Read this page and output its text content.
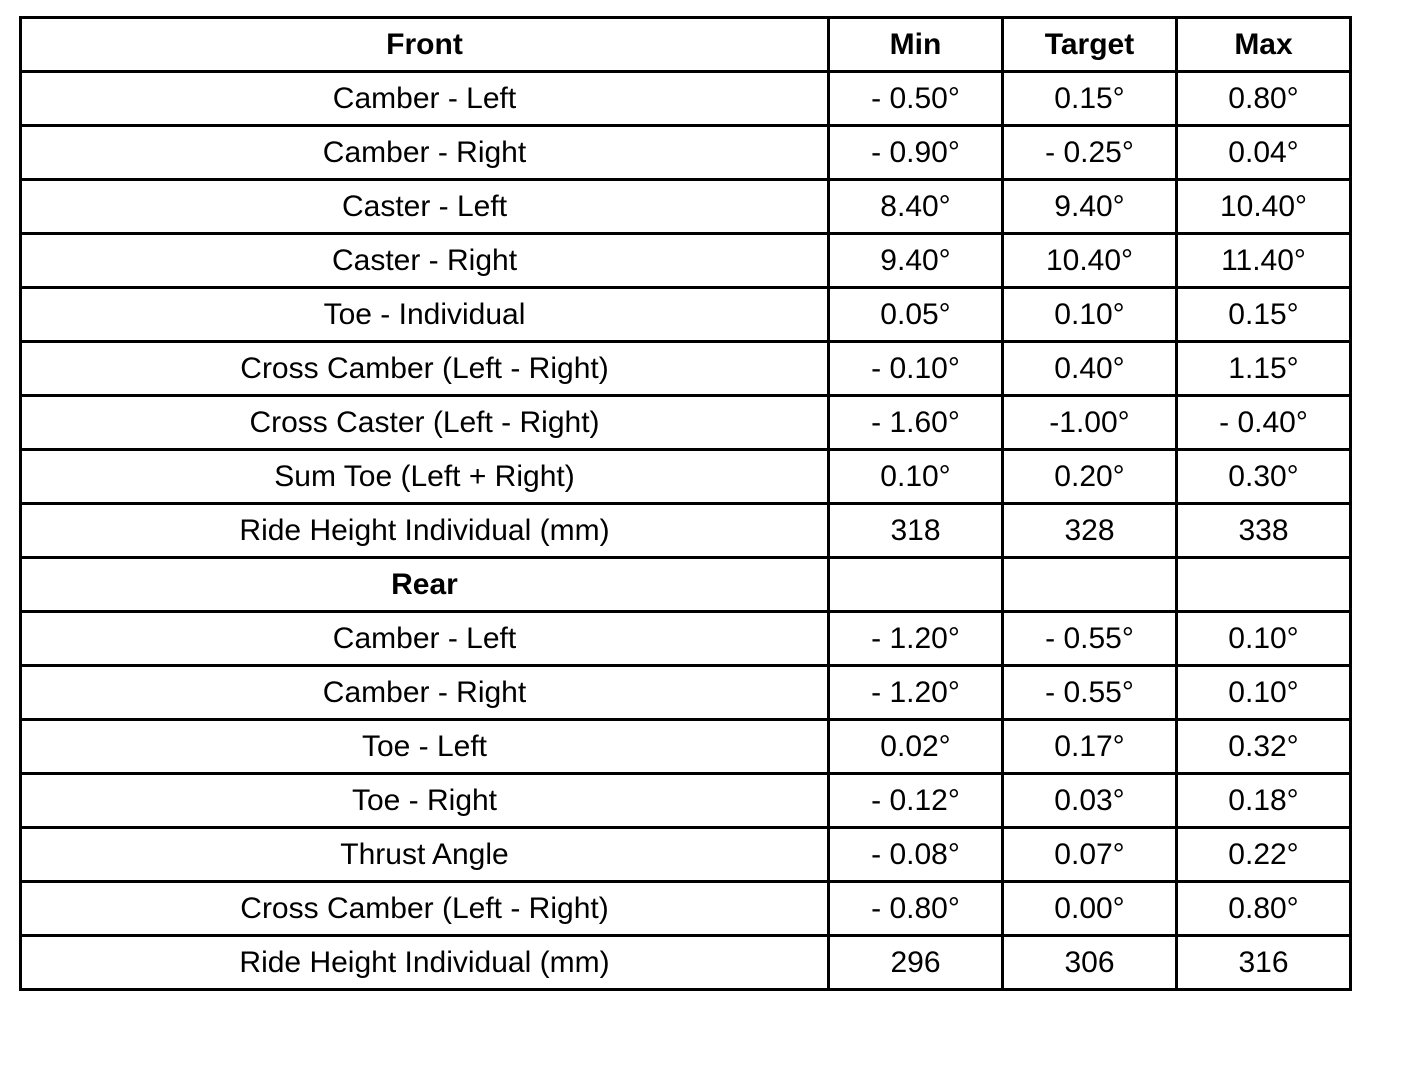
Front	Min	Target	Max
Camber - Left	- 0.50°	0.15°	0.80°
Camber - Right	- 0.90°	- 0.25°	0.04°
Caster - Left	8.40°	9.40°	10.40°
Caster - Right	9.40°	10.40°	11.40°
Toe - Individual	0.05°	0.10°	0.15°
Cross Camber (Left - Right)	- 0.10°	0.40°	1.15°
Cross Caster (Left - Right)	- 1.60°	-1.00°	- 0.40°
Sum Toe (Left + Right)	0.10°	0.20°	0.30°
Ride Height Individual (mm)	318	328	338
Rear			
Camber - Left	- 1.20°	- 0.55°	0.10°
Camber - Right	- 1.20°	- 0.55°	0.10°
Toe - Left	0.02°	0.17°	0.32°
Toe - Right	- 0.12°	0.03°	0.18°
Thrust Angle	- 0.08°	0.07°	0.22°
Cross Camber (Left - Right)	- 0.80°	0.00°	0.80°
Ride Height Individual (mm)	296	306	316
